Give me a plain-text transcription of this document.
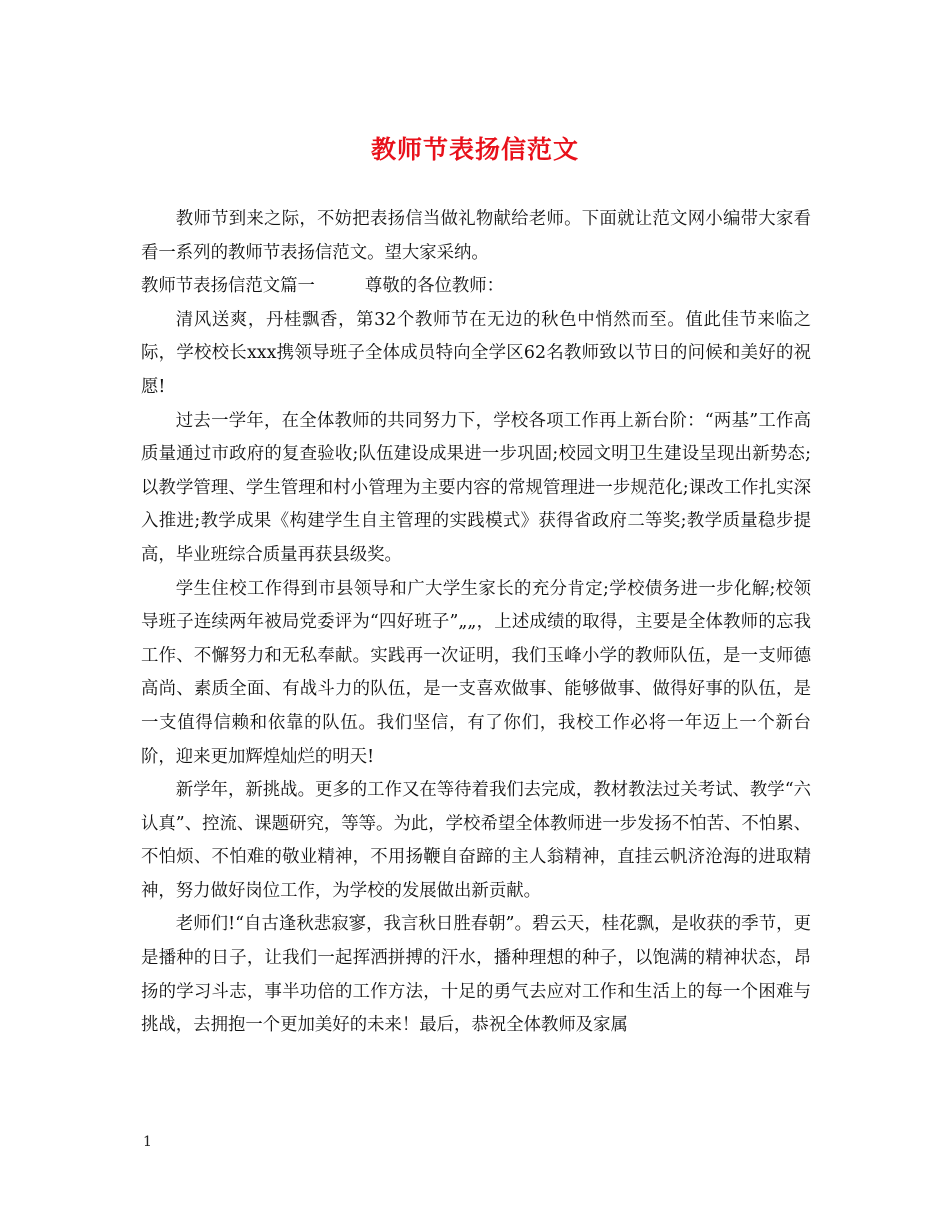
教师节表扬信范文

教师节到来之际，不妨把表扬信当做礼物献给老师。下面就让范文网小编带大家看看一系列的教师节表扬信范文。望大家采纳。

教师节表扬信范文篇一	尊敬的各位教师：

清风送爽，丹桂飘香，第32个教师节在无边的秋色中悄然而至。值此佳节来临之际，学校校长xxx携领导班子全体成员特向全学区62名教师致以节日的问候和美好的祝愿!

过去一学年，在全体教师的共同努力下，学校各项工作再上新台阶：“两基”工作高质量通过市政府的复查验收;队伍建设成果进一步巩固;校园文明卫生建设呈现出新势态;以教学管理、学生管理和村小管理为主要内容的常规管理进一步规范化;课改工作扎实深入推进;教学成果《构建学生自主管理的实践模式》获得省政府二等奖;教学质量稳步提高，毕业班综合质量再获县级奖。

学生住校工作得到市县领导和广大学生家长的充分肯定;学校债务进一步化解;校领导班子连续两年被局党委评为“四好班子”„„，上述成绩的取得，主要是全体教师的忘我工作、不懈努力和无私奉献。实践再一次证明，我们玉峰小学的教师队伍，是一支师德高尚、素质全面、有战斗力的队伍，是一支喜欢做事、能够做事、做得好事的队伍，是一支值得信赖和依靠的队伍。我们坚信，有了你们，我校工作必将一年迈上一个新台阶，迎来更加辉煌灿烂的明天!

新学年，新挑战。更多的工作又在等待着我们去完成，教材教法过关考试、教学“六认真”、控流、课题研究，等等。为此，学校希望全体教师进一步发扬不怕苦、不怕累、不怕烦、不怕难的敬业精神，不用扬鞭自奋蹄的主人翁精神，直挂云帆济沧海的进取精神，努力做好岗位工作，为学校的发展做出新贡献。

老师们!“自古逢秋悲寂寥，我言秋日胜春朝”。碧云天，桂花飘，是收获的季节，更是播种的日子，让我们一起挥洒拼搏的汗水，播种理想的种子，以饱满的精神状态，昂扬的学习斗志，事半功倍的工作方法，十足的勇气去应对工作和生活上的每一个困难与挑战，去拥抱一个更加美好的未来！最后，恭祝全体教师及家属

1
